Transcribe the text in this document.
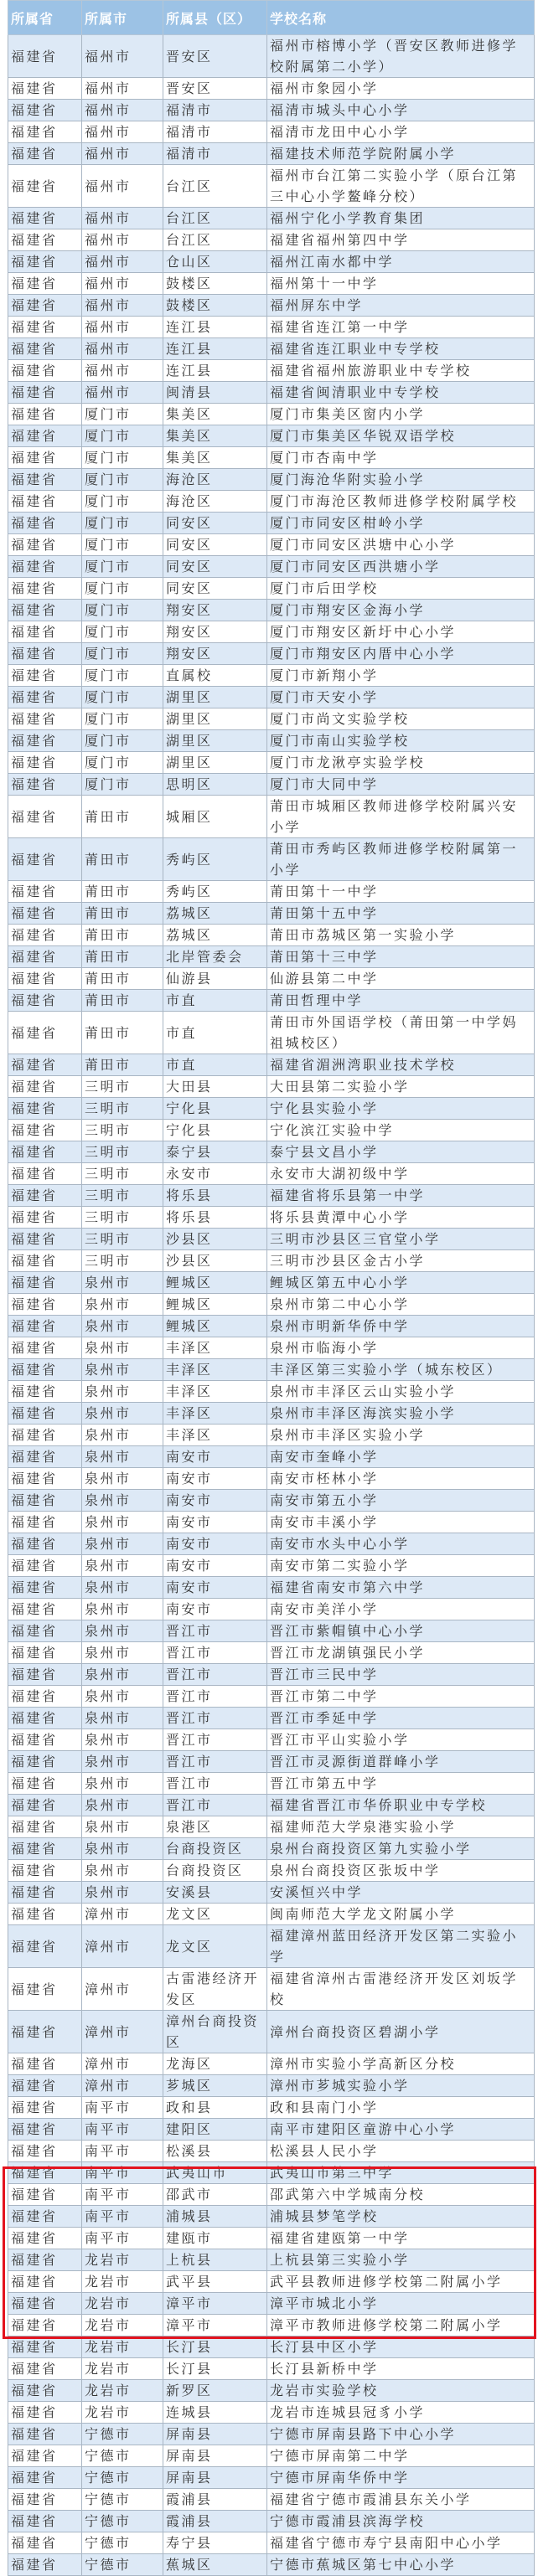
所属省	所属市	所属县（区）	学校名称
福建省	福州市	晋安区	福州市榕博小学（晋安区教师进修学校附属第二小学）
福建省	福州市	晋安区	福州市象园小学
福建省	福州市	福清市	福清市城头中心小学
福建省	福州市	福清市	福清市龙田中心小学
福建省	福州市	福清市	福建技术师范学院附属小学
福建省	福州市	台江区	福州市台江第二实验小学（原台江第三中心小学鳌峰分校）
福建省	福州市	台江区	福州宁化小学教育集团
福建省	福州市	台江区	福建省福州第四中学
福建省	福州市	仓山区	福州江南水都中学
福建省	福州市	鼓楼区	福州第十一中学
福建省	福州市	鼓楼区	福州屏东中学
福建省	福州市	连江县	福建省连江第一中学
福建省	福州市	连江县	福建省连江职业中专学校
福建省	福州市	连江县	福建省福州旅游职业中专学校
福建省	福州市	闽清县	福建省闽清职业中专学校
福建省	厦门市	集美区	厦门市集美区窗内小学
福建省	厦门市	集美区	厦门市集美区华锐双语学校
福建省	厦门市	集美区	厦门市杏南中学
福建省	厦门市	海沧区	厦门海沧华附实验小学
福建省	厦门市	海沧区	厦门市海沧区教师进修学校附属学校
福建省	厦门市	同安区	厦门市同安区柑岭小学
福建省	厦门市	同安区	厦门市同安区洪塘中心小学
福建省	厦门市	同安区	厦门市同安区西洪塘小学
福建省	厦门市	同安区	厦门市后田学校
福建省	厦门市	翔安区	厦门市翔安区金海小学
福建省	厦门市	翔安区	厦门市翔安区新圩中心小学
福建省	厦门市	翔安区	厦门市翔安区内厝中心小学
福建省	厦门市	直属校	厦门市新翔小学
福建省	厦门市	湖里区	厦门市天安小学
福建省	厦门市	湖里区	厦门市尚文实验学校
福建省	厦门市	湖里区	厦门市南山实验学校
福建省	厦门市	湖里区	厦门市龙湫亭实验学校
福建省	厦门市	思明区	厦门市大同中学
福建省	莆田市	城厢区	莆田市城厢区教师进修学校附属兴安小学
福建省	莆田市	秀屿区	莆田市秀屿区教师进修学校附属第一小学
福建省	莆田市	秀屿区	莆田第十一中学
福建省	莆田市	荔城区	莆田第十五中学
福建省	莆田市	荔城区	莆田市荔城区第一实验小学
福建省	莆田市	北岸管委会	莆田第十三中学
福建省	莆田市	仙游县	仙游县第二中学
福建省	莆田市	市直	莆田哲理中学
福建省	莆田市	市直	莆田市外国语学校（莆田第一中学妈祖城校区）
福建省	莆田市	市直	福建省湄洲湾职业技术学校
福建省	三明市	大田县	大田县第二实验小学
福建省	三明市	宁化县	宁化县实验小学
福建省	三明市	宁化县	宁化滨江实验中学
福建省	三明市	泰宁县	泰宁县文昌小学
福建省	三明市	永安市	永安市大湖初级中学
福建省	三明市	将乐县	福建省将乐县第一中学
福建省	三明市	将乐县	将乐县黄潭中心小学
福建省	三明市	沙县区	三明市沙县区三官堂小学
福建省	三明市	沙县区	三明市沙县区金古小学
福建省	泉州市	鲤城区	鲤城区第五中心小学
福建省	泉州市	鲤城区	泉州市第二中心小学
福建省	泉州市	鲤城区	泉州市明新华侨中学
福建省	泉州市	丰泽区	泉州市临海小学
福建省	泉州市	丰泽区	丰泽区第三实验小学（城东校区）
福建省	泉州市	丰泽区	泉州市丰泽区云山实验小学
福建省	泉州市	丰泽区	泉州市丰泽区海滨实验小学
福建省	泉州市	丰泽区	泉州市丰泽区实验小学
福建省	泉州市	南安市	南安市奎峰小学
福建省	泉州市	南安市	南安市柸林小学
福建省	泉州市	南安市	南安市第五小学
福建省	泉州市	南安市	南安市丰溪小学
福建省	泉州市	南安市	南安市水头中心小学
福建省	泉州市	南安市	南安市第二实验小学
福建省	泉州市	南安市	福建省南安市第六中学
福建省	泉州市	南安市	南安市美洋小学
福建省	泉州市	晋江市	晋江市紫帽镇中心小学
福建省	泉州市	晋江市	晋江市龙湖镇强民小学
福建省	泉州市	晋江市	晋江市三民中学
福建省	泉州市	晋江市	晋江市第二中学
福建省	泉州市	晋江市	晋江市季延中学
福建省	泉州市	晋江市	晋江市平山实验小学
福建省	泉州市	晋江市	晋江市灵源街道群峰小学
福建省	泉州市	晋江市	晋江市第五中学
福建省	泉州市	晋江市	福建省晋江市华侨职业中专学校
福建省	泉州市	泉港区	福建师范大学泉港实验小学
福建省	泉州市	台商投资区	泉州台商投资区第九实验小学
福建省	泉州市	台商投资区	泉州台商投资区张坂中学
福建省	泉州市	安溪县	安溪恒兴中学
福建省	漳州市	龙文区	闽南师范大学龙文附属小学
福建省	漳州市	龙文区	福建漳州蓝田经济开发区第二实验小学
福建省	漳州市	古雷港经济开发区	福建省漳州古雷港经济开发区刘坂学校
福建省	漳州市	漳州台商投资区	漳州台商投资区碧湖小学
福建省	漳州市	龙海区	漳州市实验小学高新区分校
福建省	漳州市	芗城区	漳州市芗城实验小学
福建省	南平市	政和县	政和县南门小学
福建省	南平市	建阳区	南平市建阳区童游中心小学
福建省	南平市	松溪县	松溪县人民小学
福建省	南平市	武夷山市	武夷山市第三中学
福建省	南平市	邵武市	邵武第六中学城南分校
福建省	南平市	浦城县	浦城县梦笔学校
福建省	南平市	建瓯市	福建省建瓯第一中学
福建省	龙岩市	上杭县	上杭县第三实验小学
福建省	龙岩市	武平县	武平县教师进修学校第二附属小学
福建省	龙岩市	漳平市	漳平市城北小学
福建省	龙岩市	漳平市	漳平市教师进修学校第二附属小学
福建省	龙岩市	长汀县	长汀县中区小学
福建省	龙岩市	长汀县	长汀县新桥中学
福建省	龙岩市	新罗区	龙岩市实验学校
福建省	龙岩市	连城县	龙岩市连城县冠豸小学
福建省	宁德市	屏南县	宁德市屏南县路下中心小学
福建省	宁德市	屏南县	宁德市屏南第二中学
福建省	宁德市	屏南县	宁德市屏南华侨中学
福建省	宁德市	霞浦县	福建省宁德市霞浦县东关小学
福建省	宁德市	霞浦县	宁德市霞浦县滨海学校
福建省	宁德市	寿宁县	福建省宁德市寿宁县南阳中心小学
福建省	宁德市	蕉城区	宁德市蕉城区第七中心小学
